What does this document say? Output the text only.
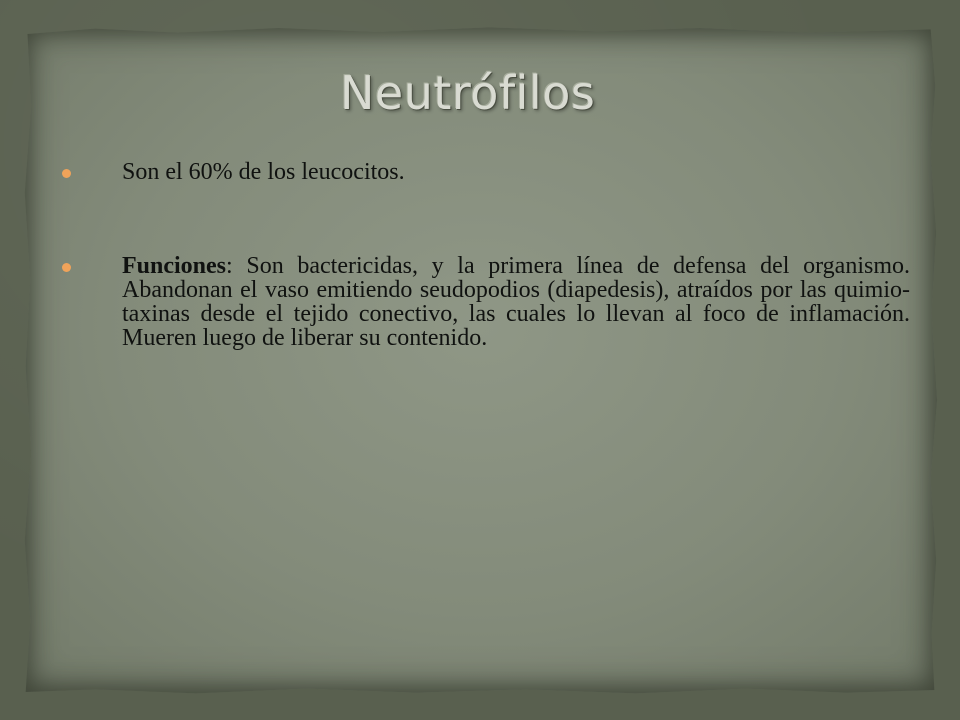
Neutrófilos
Son el 60% de los leucocitos.
Funciones: Son bactericidas, y la primera línea de defensa del organismo. Abandonan el vaso emitiendo seudopodios (diapedesis), atraídos por las quimio-taxinas desde el tejido conectivo, las cuales lo llevan al foco de inflamación. Mueren luego de liberar su contenido.
